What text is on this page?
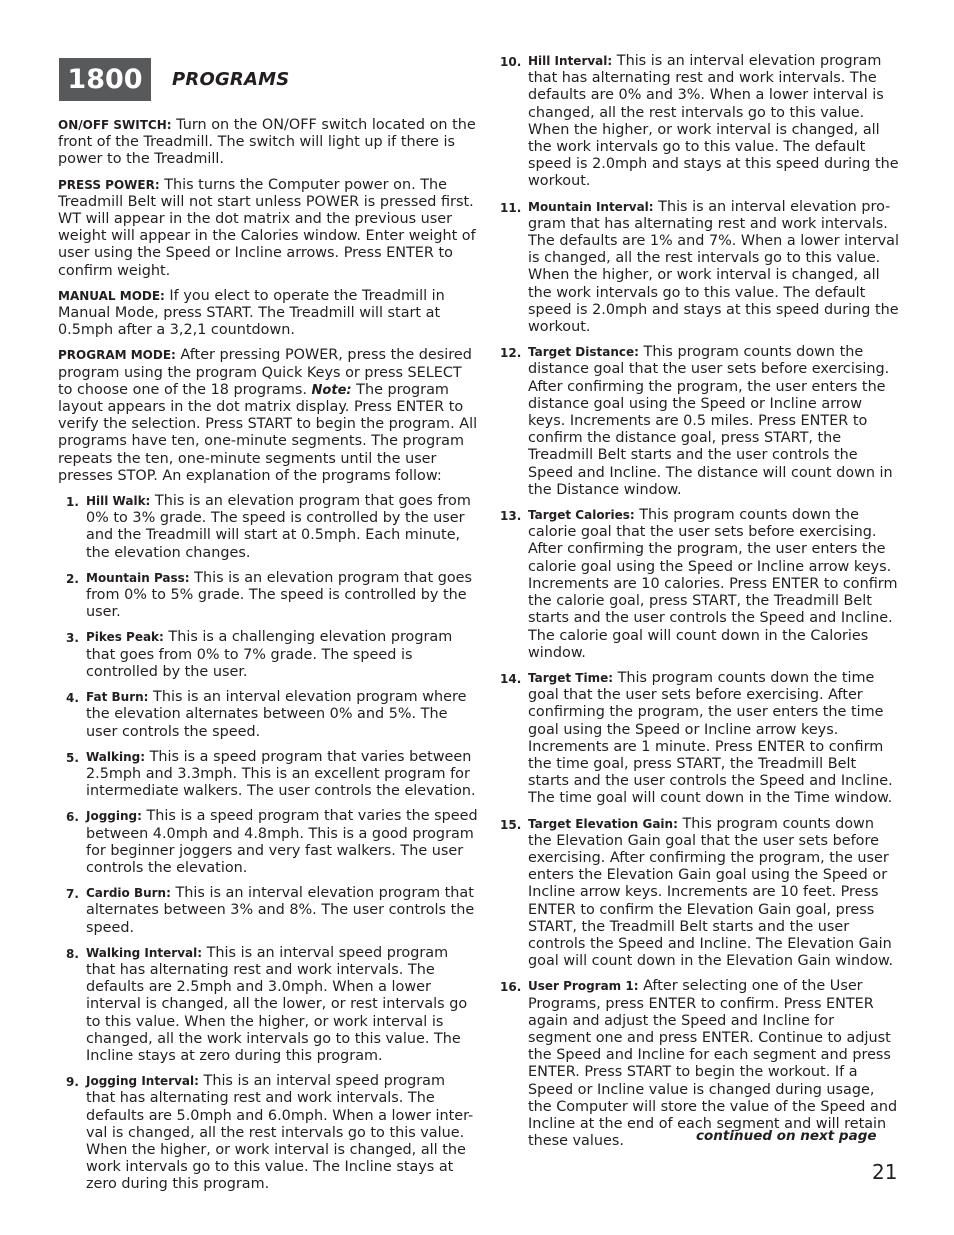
1800	PROGRAMS

ON/OFF SWITCH: Turn on the ON/OFF switch located on the front of the Treadmill. The switch will light up if there is power to the Treadmill.

PRESS POWER: This turns the Computer power on. The Treadmill Belt will not start unless POWER is pressed first. WT will appear in the dot matrix and the previous user weight will appear in the Calories window. Enter weight of user using the Speed or Incline arrows. Press ENTER to confirm weight.

MANUAL MODE: If you elect to operate the Treadmill in Manual Mode, press START. The Treadmill will start at 0.5mph after a 3,2,1 countdown.

PROGRAM MODE: After pressing POWER, press the desired program using the program Quick Keys or press SELECT to choose one of the 18 programs. Note: The program layout appears in the dot matrix display. Press ENTER to verify the selection. Press START to begin the program. All programs have ten, one-minute segments. The program repeats the ten, one-minute segments until the user presses STOP. An explanation of the programs follow:

1. Hill Walk: This is an elevation program that goes from 0% to 3% grade. The speed is controlled by the user and the Treadmill will start at 0.5mph. Each minute, the elevation changes.
2. Mountain Pass: This is an elevation program that goes from 0% to 5% grade. The speed is controlled by the user.
3. Pikes Peak: This is a challenging elevation program that goes from 0% to 7% grade. The speed is controlled by the user.
4. Fat Burn: This is an interval elevation program where the elevation alternates between 0% and 5%. The user controls the speed.
5. Walking: This is a speed program that varies between 2.5mph and 3.3mph. This is an excellent program for intermediate walkers. The user controls the elevation.
6. Jogging: This is a speed program that varies the speed between 4.0mph and 4.8mph. This is a good program for beginner joggers and very fast walkers. The user controls the elevation.
7. Cardio Burn: This is an interval elevation program that alternates between 3% and 8%. The user controls the speed.
8. Walking Interval: This is an interval speed program that has alternating rest and work intervals. The defaults are 2.5mph and 3.0mph. When a lower interval is changed, all the lower, or rest intervals go to this value. When the higher, or work interval is changed, all the work intervals go to this value. The Incline stays at zero during this program.
9. Jogging Interval: This is an interval speed program that has alternating rest and work intervals. The defaults are 5.0mph and 6.0mph. When a lower inter-val is changed, all the rest intervals go to this value. When the higher, or work interval is changed, all the work intervals go to this value. The Incline stays at zero during this program.
10. Hill Interval: This is an interval elevation program that has alternating rest and work intervals. The defaults are 0% and 3%. When a lower interval is changed, all the rest intervals go to this value. When the higher, or work interval is changed, all the work intervals go to this value. The default speed is 2.0mph and stays at this speed during the workout.
11. Mountain Interval: This is an interval elevation pro-gram that has alternating rest and work intervals. The defaults are 1% and 7%. When a lower interval is changed, all the rest intervals go to this value. When the higher, or work interval is changed, all the work intervals go to this value. The default speed is 2.0mph and stays at this speed during the workout.
12. Target Distance: This program counts down the distance goal that the user sets before exercising. After confirming the program, the user enters the distance goal using the Speed or Incline arrow keys. Increments are 0.5 miles. Press ENTER to confirm the distance goal, press START, the Treadmill Belt starts and the user controls the Speed and Incline. The distance will count down in the Distance window.
13. Target Calories: This program counts down the calorie goal that the user sets before exercising. After confirming the program, the user enters the calorie goal using the Speed or Incline arrow keys. Increments are 10 calories. Press ENTER to confirm the calorie goal, press START, the Treadmill Belt starts and the user controls the Speed and Incline. The calorie goal will count down in the Calories window.
14. Target Time: This program counts down the time goal that the user sets before exercising. After confirming the program, the user enters the time goal using the Speed or Incline arrow keys. Increments are 1 minute. Press ENTER to confirm the time goal, press START, the Treadmill Belt starts and the user controls the Speed and Incline. The time goal will count down in the Time window.
15. Target Elevation Gain: This program counts down the Elevation Gain goal that the user sets before exercising. After confirming the program, the user enters the Elevation Gain goal using the Speed or Incline arrow keys. Increments are 10 feet. Press ENTER to confirm the Elevation Gain goal, press START, the Treadmill Belt starts and the user controls the Speed and Incline. The Elevation Gain goal will count down in the Elevation Gain window.
16. User Program 1: After selecting one of the User Programs, press ENTER to confirm. Press ENTER again and adjust the Speed and Incline for segment one and press ENTER. Continue to adjust the Speed and Incline for each segment and press ENTER. Press START to begin the workout. If a Speed or Incline value is changed during usage, the Computer will store the value of the Speed and Incline at the end of each segment and will retain these values.	continued on next page
21
